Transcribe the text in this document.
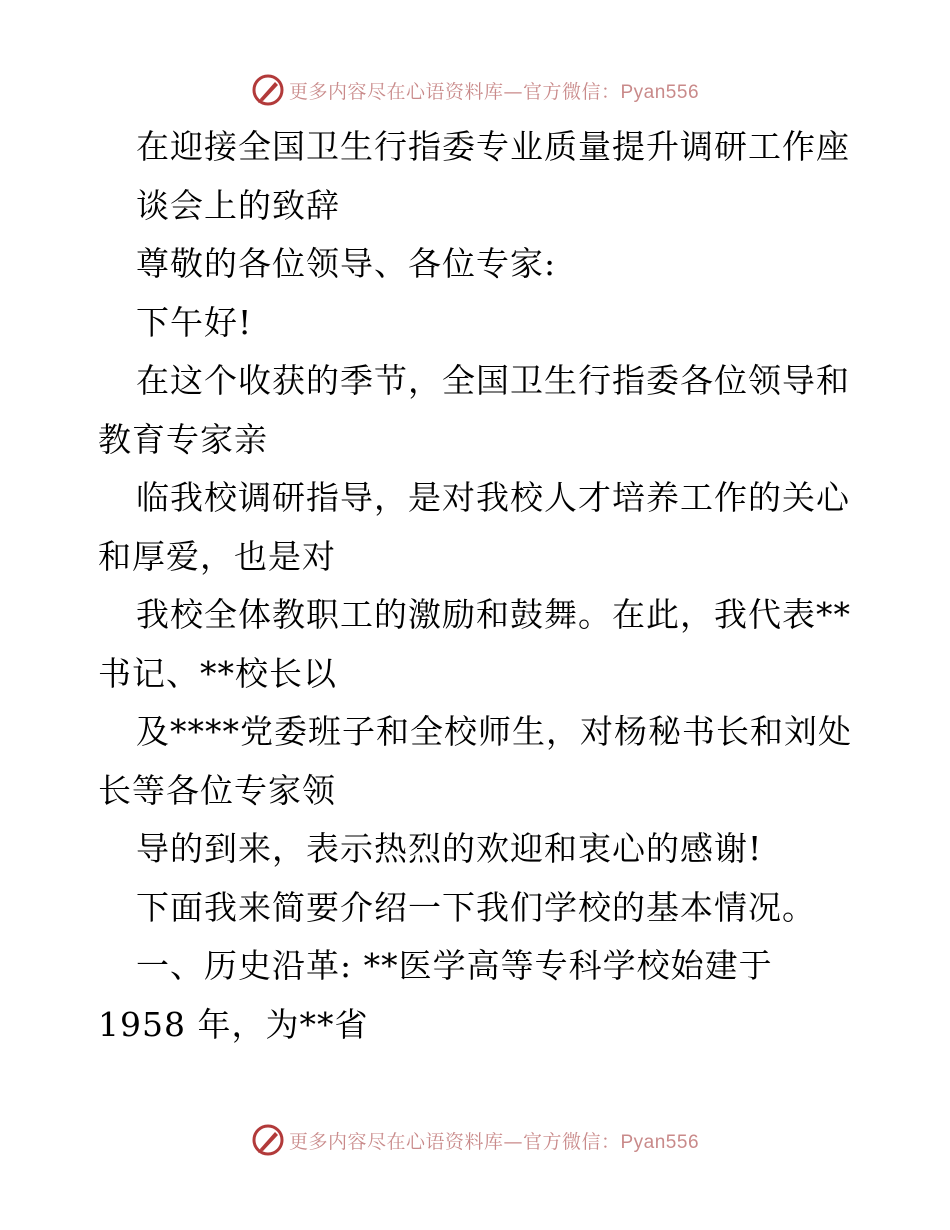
更多内容尽在心语资料库—官方微信：Pyan556
在迎接全国卫生行指委专业质量提升调研工作座
谈会上的致辞
尊敬的各位领导、各位专家:
下午好!
在这个收获的季节，全国卫生行指委各位领导和
教育专家亲
临我校调研指导，是对我校人才培养工作的关心
和厚爱，也是对
我校全体教职工的激励和鼓舞。在此，我代表**
书记、**校长以
及****党委班子和全校师生，对杨秘书长和刘处
长等各位专家领
导的到来，表示热烈的欢迎和衷心的感谢!
下面我来简要介绍一下我们学校的基本情况。
一、历史沿革: **医学高等专科学校始建于
1958 年，为**省
更多内容尽在心语资料库—官方微信：Pyan556
